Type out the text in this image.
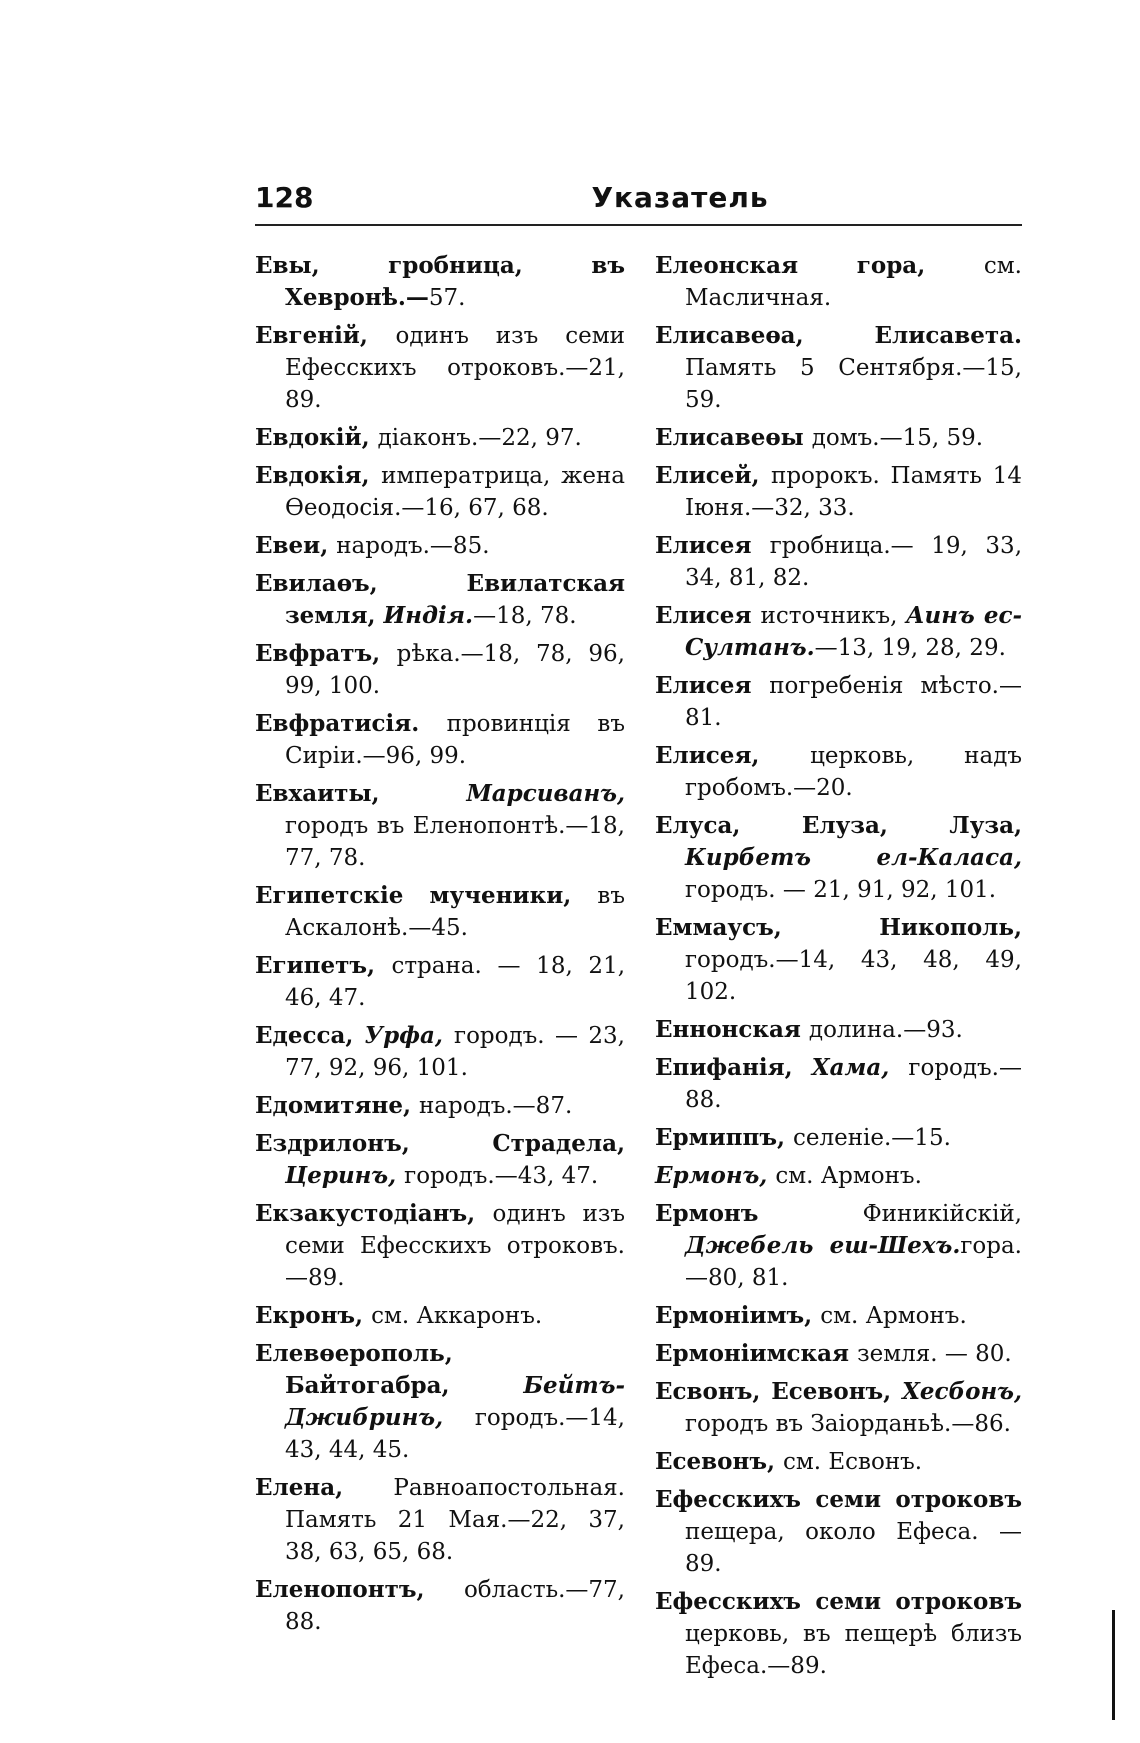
128	Указатель
Евы, гробница, въ Хевронѣ.—57.
Евгеній, одинъ изъ семи Ефесскихъ отроковъ.—21, 89.
Евдокій, діаконъ.—22, 97.
Евдокія, императрица, жена Өеодосія.—16, 67, 68.
Евеи, народъ.—85.
Евилаөъ, Евилатская земля, Индія.—18, 78.
Евфратъ, рѣка.—18, 78, 96, 99, 100.
Евфратисія. провинція въ Сиріи.—96, 99.
Евхаиты, Марсиванъ, городъ въ Еленопонтѣ.—18, 77, 78.
Египетскіе мученики, въ Аскалонѣ.—45.
Египетъ, страна. — 18, 21, 46, 47.
Едесса, Урфа, городъ. — 23, 77, 92, 96, 101.
Едомитяне, народъ.—87.
Ездрилонъ, Страдела, Церинъ, городъ.—43, 47.
Екзакустодіанъ, одинъ изъ семи Ефесскихъ отроковъ.—89.
Екронъ, см. Аккаронъ.
Елевөерополь, Байтогабра, Бейтъ-Джибринъ, городъ.—14, 43, 44, 45.
Елена, Равноапостольная. Память 21 Мая.—22, 37, 38, 63, 65, 68.
Еленопонтъ, область.—77, 88.
Елеонская гора, см. Масличная.
Елисавеөа, Елисавета. Память 5 Сентября.—15, 59.
Елисавеөы домъ.—15, 59.
Елисей, пророкъ. Память 14 Іюня.—32, 33.
Елисея гробница.— 19, 33, 34, 81, 82.
Елисея источникъ, Аинъ ес-Султанъ.—13, 19, 28, 29.
Елисея погребенія мѣсто.—81.
Елисея, церковь, надъ гробомъ.—20.
Елуса, Елуза, Луза, Кирбетъ ел-Каласа, городъ. — 21, 91, 92, 101.
Еммаусъ, Никополь, городъ.—14, 43, 48, 49, 102.
Еннонская долина.—93.
Епифанія, Хама, городъ.—88.
Ермиппъ, селеніе.—15.
Ермонъ, см. Армонъ.
Ермонъ Финикійскій, Джебель еш-Шехъ.гора.—80, 81.
Ермоніимъ, см. Армонъ.
Ермоніимская земля. — 80.
Есвонъ, Есевонъ, Хесбонъ, городъ въ Заіорданьѣ.—86.
Есевонъ, см. Есвонъ.
Ефесскихъ семи отроковъ пещера, около Ефеса. — 89.
Ефесскихъ семи отроковъ церковь, въ пещерѣ близъ Ефеса.—89.
